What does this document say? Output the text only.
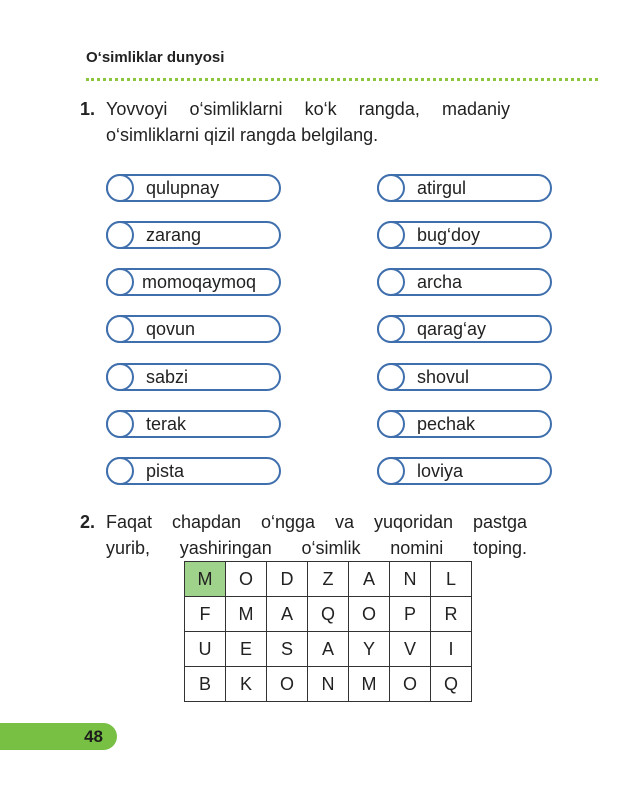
O‘simliklar dunyosi
1. Yovvoyi o‘simliklarni ko‘k rangda, madaniy
o‘simliklarni qizil rangda belgilang.
qulupnay
zarang
momoqaymoq
qovun
sabzi
terak
pista
atirgul
bug‘doy
archa
qarag‘ay
shovul
pechak
loviya
2. Faqat chapdan o‘ngga va yuqoridan pastga
yurib, yashiringan o‘simlik nomini toping.
M	O	D	Z	A	N	L
F	M	A	Q	O	P	R
U	E	S	A	Y	V	I
B	K	O	N	M	O	Q
48
